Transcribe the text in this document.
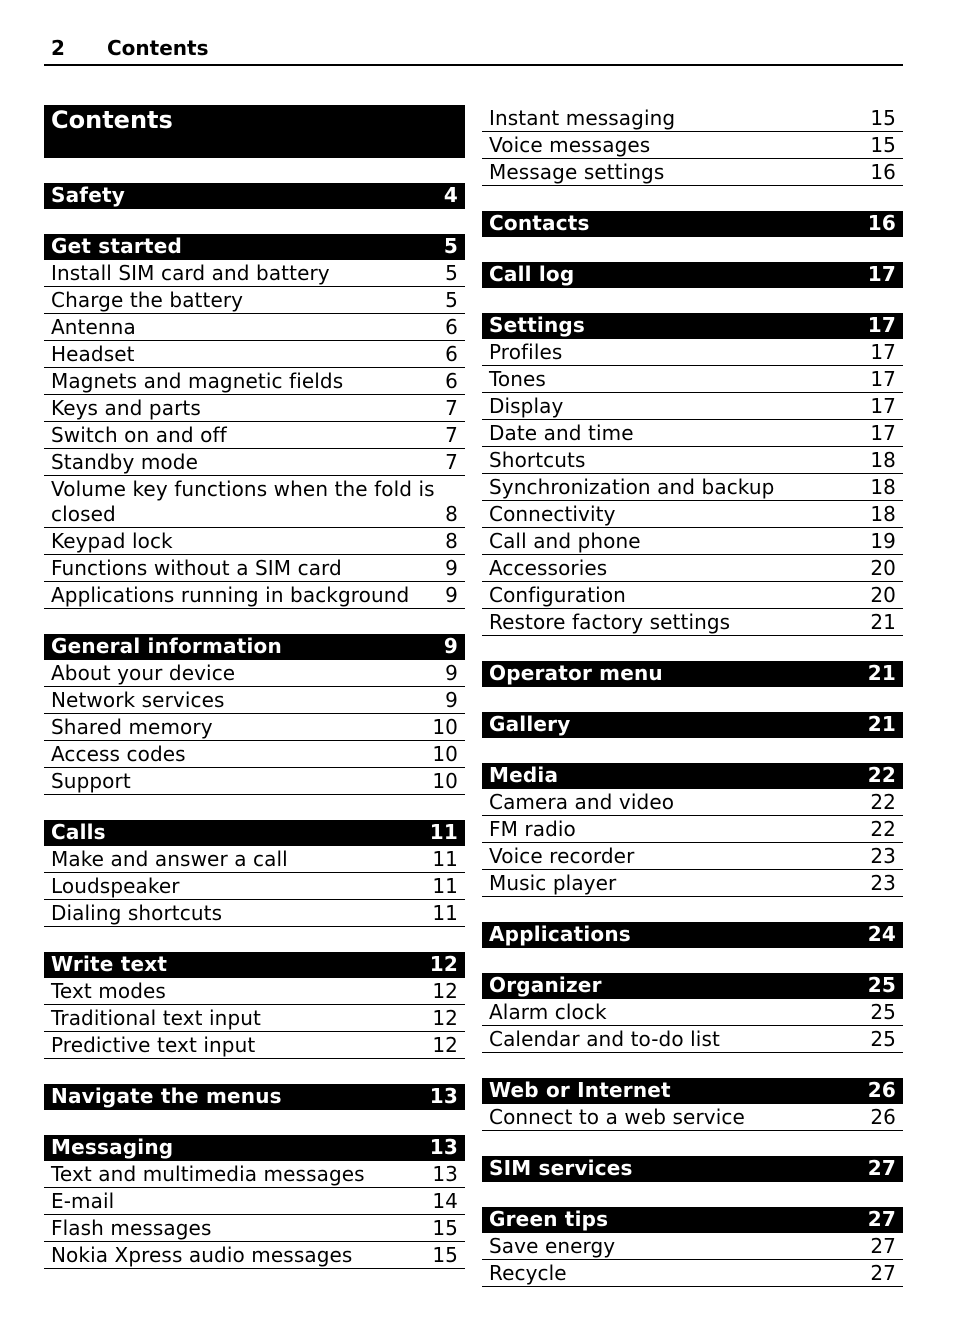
2 Contents
Contents
Safety	4
Get started	5
Install SIM card and battery	5
Charge the battery	5
Antenna	6
Headset	6
Magnets and magnetic fields	6
Keys and parts	7
Switch on and off	7
Standby mode	7
Volume key functions when the fold is closed	8
Keypad lock	8
Functions without a SIM card	9
Applications running in background	9
General information	9
About your device	9
Network services	9
Shared memory	10
Access codes	10
Support	10
Calls	11
Make and answer a call	11
Loudspeaker	11
Dialing shortcuts	11
Write text	12
Text modes	12
Traditional text input	12
Predictive text input	12
Navigate the menus	13
Messaging	13
Text and multimedia messages	13
E-mail	14
Flash messages	15
Nokia Xpress audio messages	15
Instant messaging	15
Voice messages	15
Message settings	16
Contacts	16
Call log	17
Settings	17
Profiles	17
Tones	17
Display	17
Date and time	17
Shortcuts	18
Synchronization and backup	18
Connectivity	18
Call and phone	19
Accessories	20
Configuration	20
Restore factory settings	21
Operator menu	21
Gallery	21
Media	22
Camera and video	22
FM radio	22
Voice recorder	23
Music player	23
Applications	24
Organizer	25
Alarm clock	25
Calendar and to-do list	25
Web or Internet	26
Connect to a web service	26
SIM services	27
Green tips	27
Save energy	27
Recycle	27
